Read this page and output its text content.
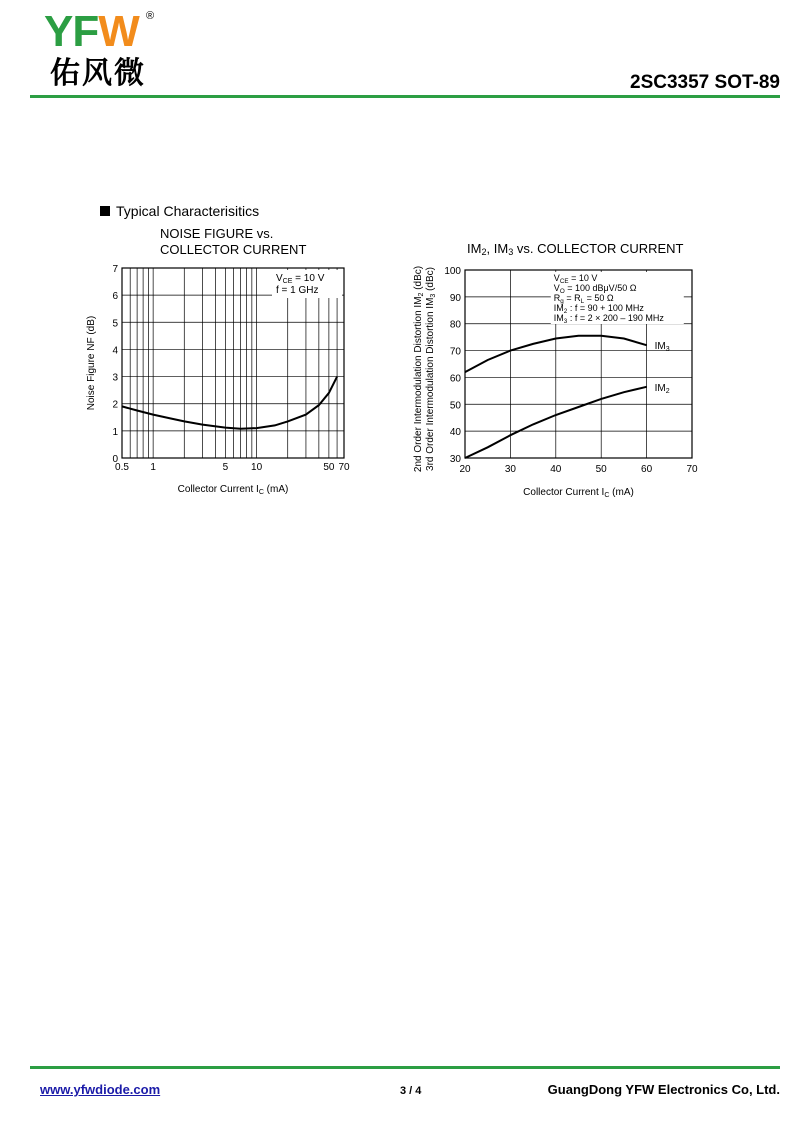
YFW ®
佑风微	2SC3357 SOT-89
Typical Characterisitics
NOISE FIGURE vs.
COLLECTOR CURRENT
$V_{CE} = 10$ V
f = 1 GHz
0.5 1	5 10	50 70
0
1
2
3
4
5
6
7
Collector Current $I_C$ (mA)
Noise Figure NF (dB)
IM2, IM3 vs. COLLECTOR CURRENT
$V_{CE} = 10$ V
$V_O = 100$ dBμV/50 Ω
$R_g = R_L = 50$ Ω
$IM_2$ : f = 90 + 100 MHz
$IM_3$ : f = 2 × 200 – 190 MHz
20	30	40	50	60	70
30
40
50
60
70
80
90
100
Collector Current $I_C$ (mA)
2nd Order Intermodulation Distortion $IM_2$ (dBc)
3rd Order Intermodulation Distortion $IM_3$ (dBc)
$IM_3$
$IM_2$
www.yfwdiode.com	3 / 4	GuangDong YFW Electronics Co, Ltd.
